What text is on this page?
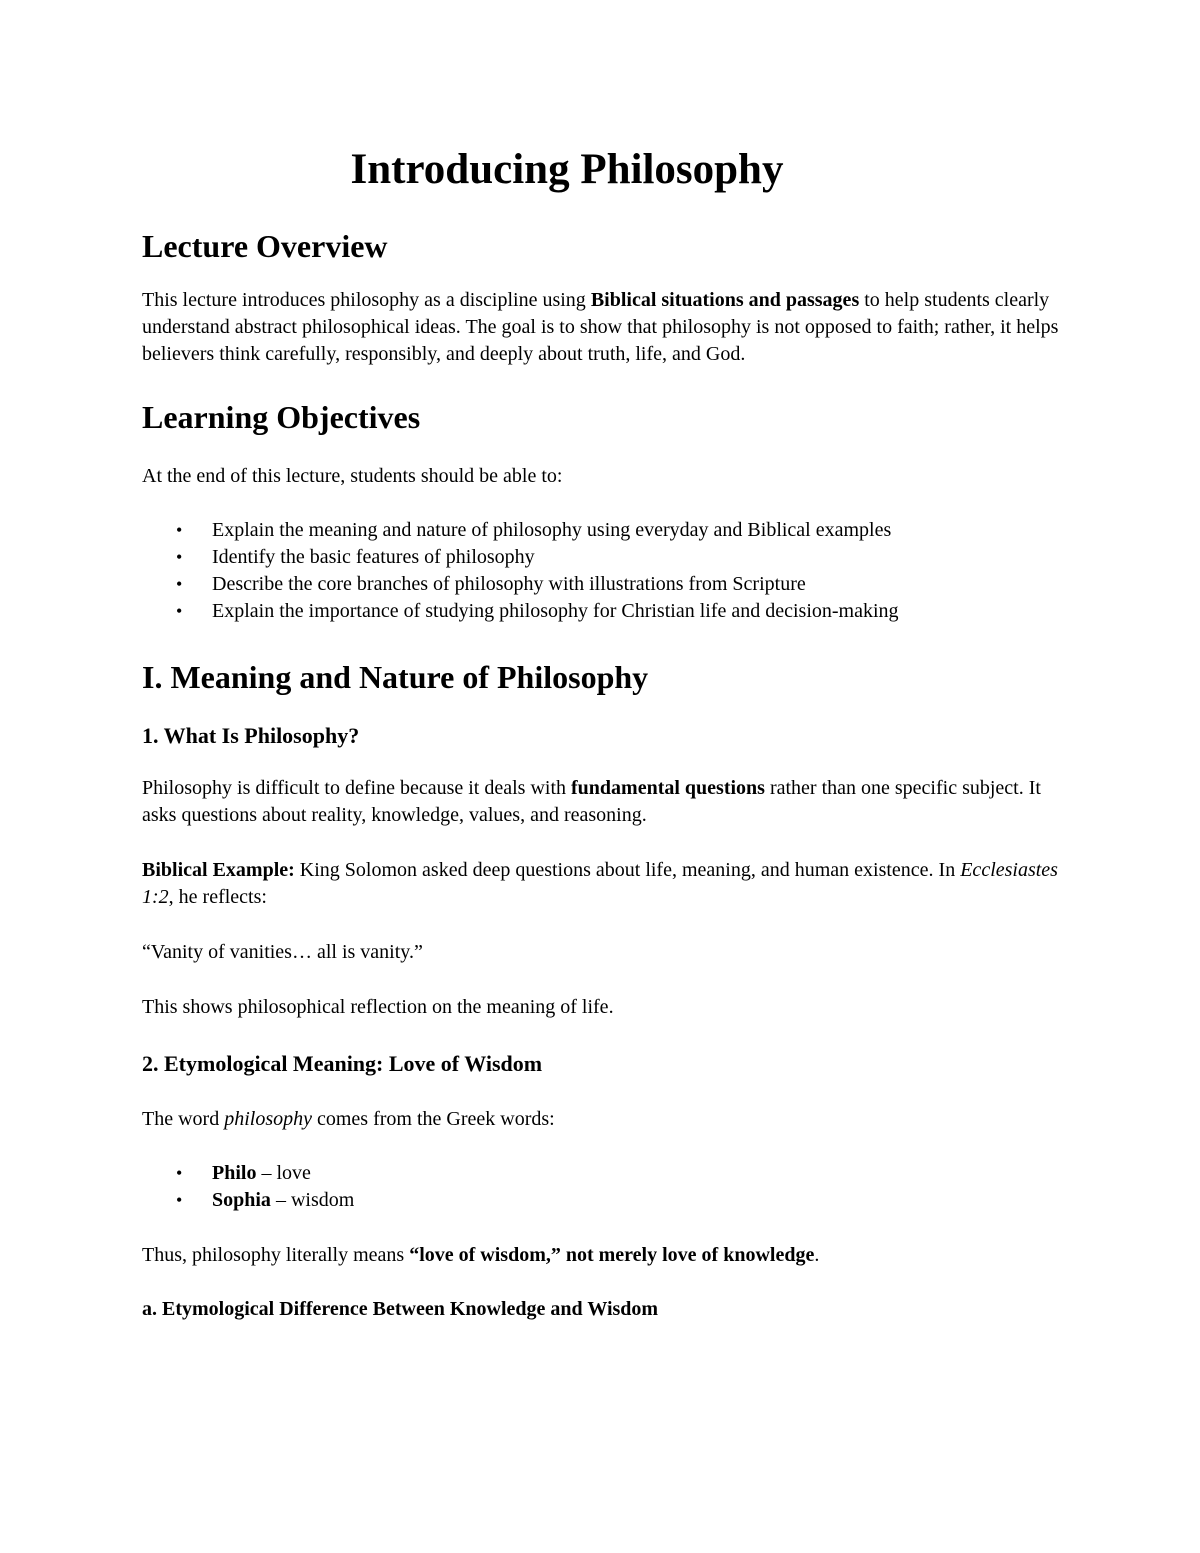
Introducing Philosophy
Lecture Overview

This lecture introduces philosophy as a discipline using Biblical situations and passages to help students clearly understand abstract philosophical ideas. The goal is to show that philosophy is not opposed to faith; rather, it helps believers think carefully, responsibly, and deeply about truth, life, and God.

Learning Objectives

At the end of this lecture, students should be able to:

• Explain the meaning and nature of philosophy using everyday and Biblical examples
• Identify the basic features of philosophy
• Describe the core branches of philosophy with illustrations from Scripture
• Explain the importance of studying philosophy for Christian life and decision-making
I. Meaning and Nature of Philosophy
1. What Is Philosophy?

Philosophy is difficult to define because it deals with fundamental questions rather than one specific subject. It asks questions about reality, knowledge, values, and reasoning.

Biblical Example: King Solomon asked deep questions about life, meaning, and human existence. In Ecclesiastes 1:2, he reflects:

“Vanity of vanities… all is vanity.”

This shows philosophical reflection on the meaning of life.

2. Etymological Meaning: Love of Wisdom

The word philosophy comes from the Greek words:

• Philo – love
• Sophia – wisdom

Thus, philosophy literally means “love of wisdom,” not merely love of knowledge.

a. Etymological Difference Between Knowledge and Wisdom
